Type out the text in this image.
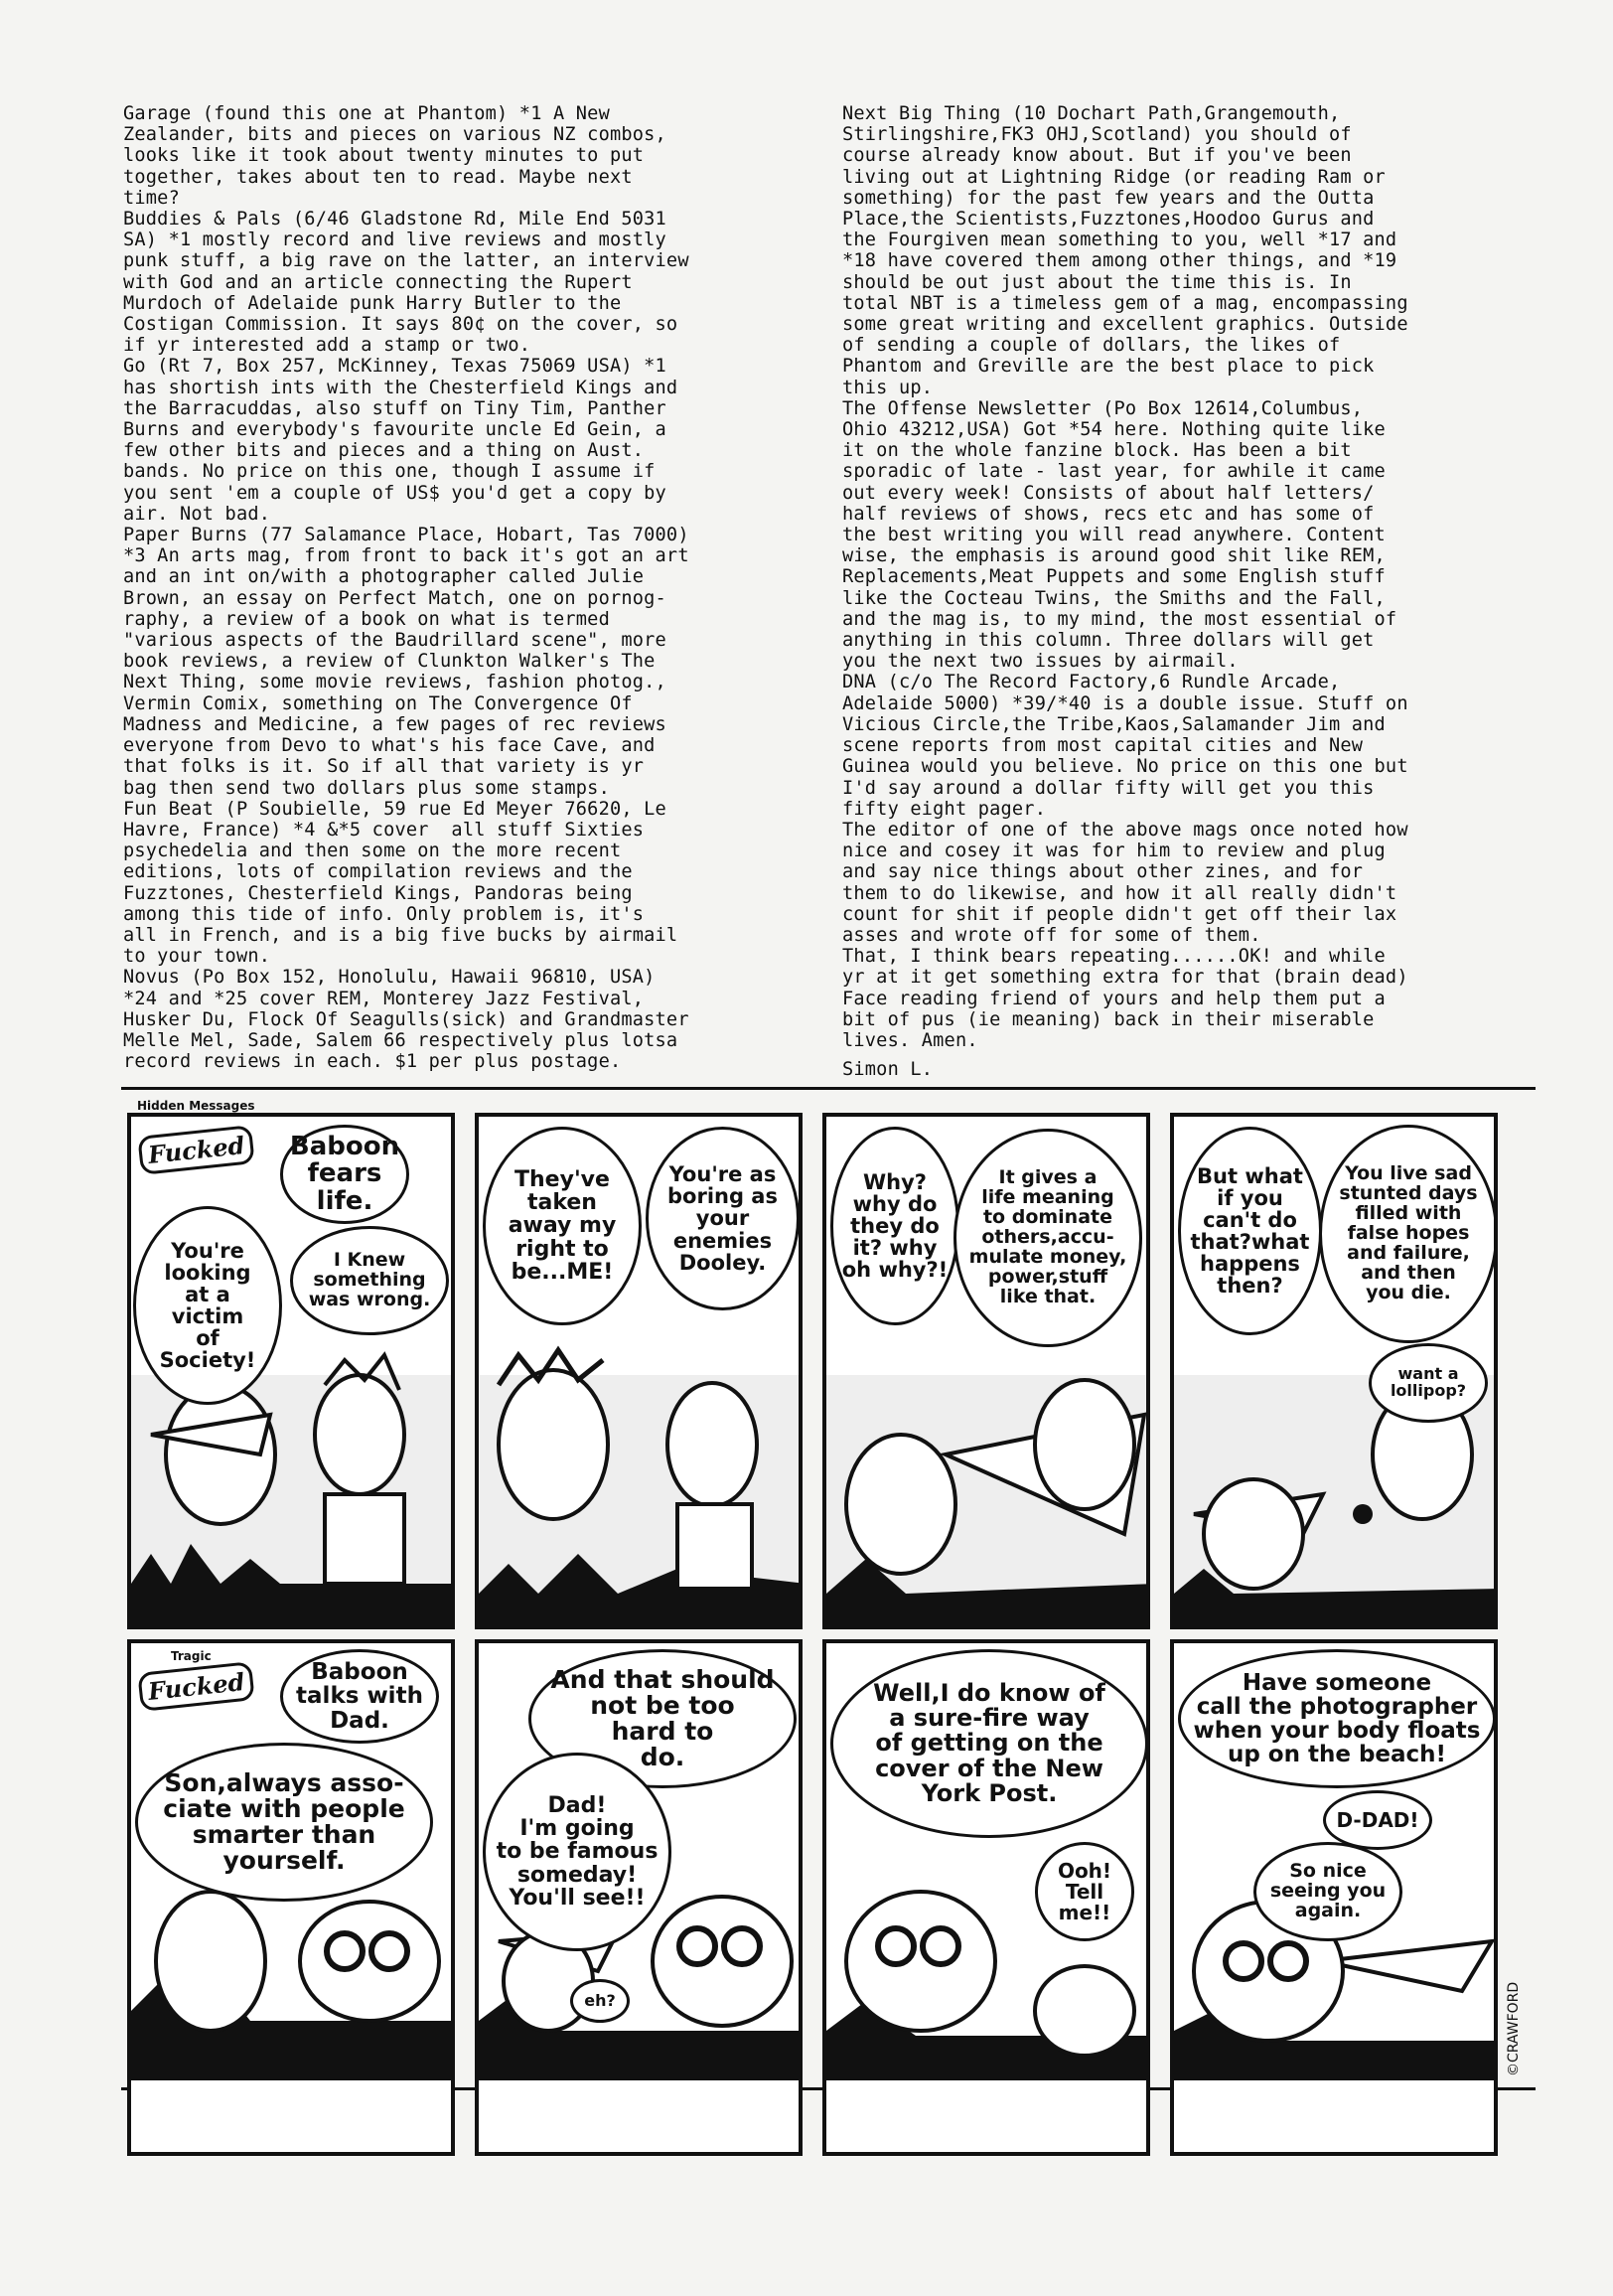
Garage (found this one at Phantom) *1 A New
Zealander, bits and pieces on various NZ combos,
looks like it took about twenty minutes to put
together, takes about ten to read. Maybe next
time?
Buddies & Pals (6/46 Gladstone Rd, Mile End 5031
SA) *1 mostly record and live reviews and mostly
punk stuff, a big rave on the latter, an interview
with God and an article connecting the Rupert
Murdoch of Adelaide punk Harry Butler to the
Costigan Commission. It says 80¢ on the cover, so
if yr interested add a stamp or two.
Go (Rt 7, Box 257, McKinney, Texas 75069 USA) *1
has shortish ints with the Chesterfield Kings and
the Barracuddas, also stuff on Tiny Tim, Panther
Burns and everybody's favourite uncle Ed Gein, a
few other bits and pieces and a thing on Aust.
bands. No price on this one, though I assume if
you sent 'em a couple of US$ you'd get a copy by
air. Not bad.
Paper Burns (77 Salamance Place, Hobart, Tas 7000)
*3 An arts mag, from front to back it's got an art
and an int on/with a photographer called Julie
Brown, an essay on Perfect Match, one on pornog-
raphy, a review of a book on what is termed
"various aspects of the Baudrillard scene", more
book reviews, a review of Clunkton Walker's The
Next Thing, some movie reviews, fashion photog.,
Vermin Comix, something on The Convergence Of
Madness and Medicine, a few pages of rec reviews
everyone from Devo to what's his face Cave, and
that folks is it. So if all that variety is yr
bag then send two dollars plus some stamps.
Fun Beat (P Soubielle, 59 rue Ed Meyer 76620, Le
Havre, France) *4 &*5 cover  all stuff Sixties
psychedelia and then some on the more recent
editions, lots of compilation reviews and the
Fuzztones, Chesterfield Kings, Pandoras being
among this tide of info. Only problem is, it's
all in French, and is a big five bucks by airmail
to your town.
Novus (Po Box 152, Honolulu, Hawaii 96810, USA)
*24 and *25 cover REM, Monterey Jazz Festival,
Husker Du, Flock Of Seagulls(sick) and Grandmaster
Melle Mel, Sade, Salem 66 respectively plus lotsa
record reviews in each. $1 per plus postage.
Next Big Thing (10 Dochart Path,Grangemouth,
Stirlingshire,FK3 OHJ,Scotland) you should of
course already know about. But if you've been
living out at Lightning Ridge (or reading Ram or
something) for the past few years and the Outta
Place,the Scientists,Fuzztones,Hoodoo Gurus and
the Fourgiven mean something to you, well *17 and
*18 have covered them among other things, and *19
should be out just about the time this is. In
total NBT is a timeless gem of a mag, encompassing
some great writing and excellent graphics. Outside
of sending a couple of dollars, the likes of
Phantom and Greville are the best place to pick
this up.
The Offense Newsletter (Po Box 12614,Columbus,
Ohio 43212,USA) Got *54 here. Nothing quite like
it on the whole fanzine block. Has been a bit
sporadic of late - last year, for awhile it came
out every week! Consists of about half letters/
half reviews of shows, recs etc and has some of
the best writing you will read anywhere. Content
wise, the emphasis is around good shit like REM,
Replacements,Meat Puppets and some English stuff
like the Cocteau Twins, the Smiths and the Fall,
and the mag is, to my mind, the most essential of
anything in this column. Three dollars will get
you the next two issues by airmail.
DNA (c/o The Record Factory,6 Rundle Arcade,
Adelaide 5000) *39/*40 is a double issue. Stuff on
Vicious Circle,the Tribe,Kaos,Salamander Jim and
scene reports from most capital cities and New
Guinea would you believe. No price on this one but
I'd say around a dollar fifty will get you this
fifty eight pager.
The editor of one of the above mags once noted how
nice and cosey it was for him to review and plug
and say nice things about other zines, and for
them to do likewise, and how it all really didn't
count for shit if people didn't get off their lax
asses and wrote off for some of them.
That, I think bears repeating......OK! and while
yr at it get something extra for that (brain dead)
Face reading friend of yours and help them put a
bit of pus (ie meaning) back in their miserable
lives. Amen.
Simon L.
Hidden Messages
Fucked	Baboon
fears
life.
You're
looking
at a
victim
of
Society!
I Knew
something
was wrong.
They've
taken
away my
right to
be...ME!
You're as
boring as
your
enemies
Dooley.
Why?
why do
they do
it? why
oh why?!
It gives a
life meaning
to dominate
others,accu-
mulate money,
power,stuff
like that.
But what
if you
can't do
that?what
happens
then?
You live sad
stunted days
filled with
false hopes
and failure,
and then
you die.
want a
lollipop?
Tragic
Fucked	Baboon
talks with
Dad.
Son,always asso-
ciate with people
smarter than
yourself.
And that should
not be too
hard to
do.
Dad!
I'm going
to be famous
someday!
You'll see!!
eh?
Well,I do know of
a sure-fire way
of getting on the
cover of the New
York Post.
Ooh!
Tell
me!!
Have someone
call the photographer
when your body floats
up on the beach!
D-DAD!
So nice
seeing you
again.
©CRAWFORD
